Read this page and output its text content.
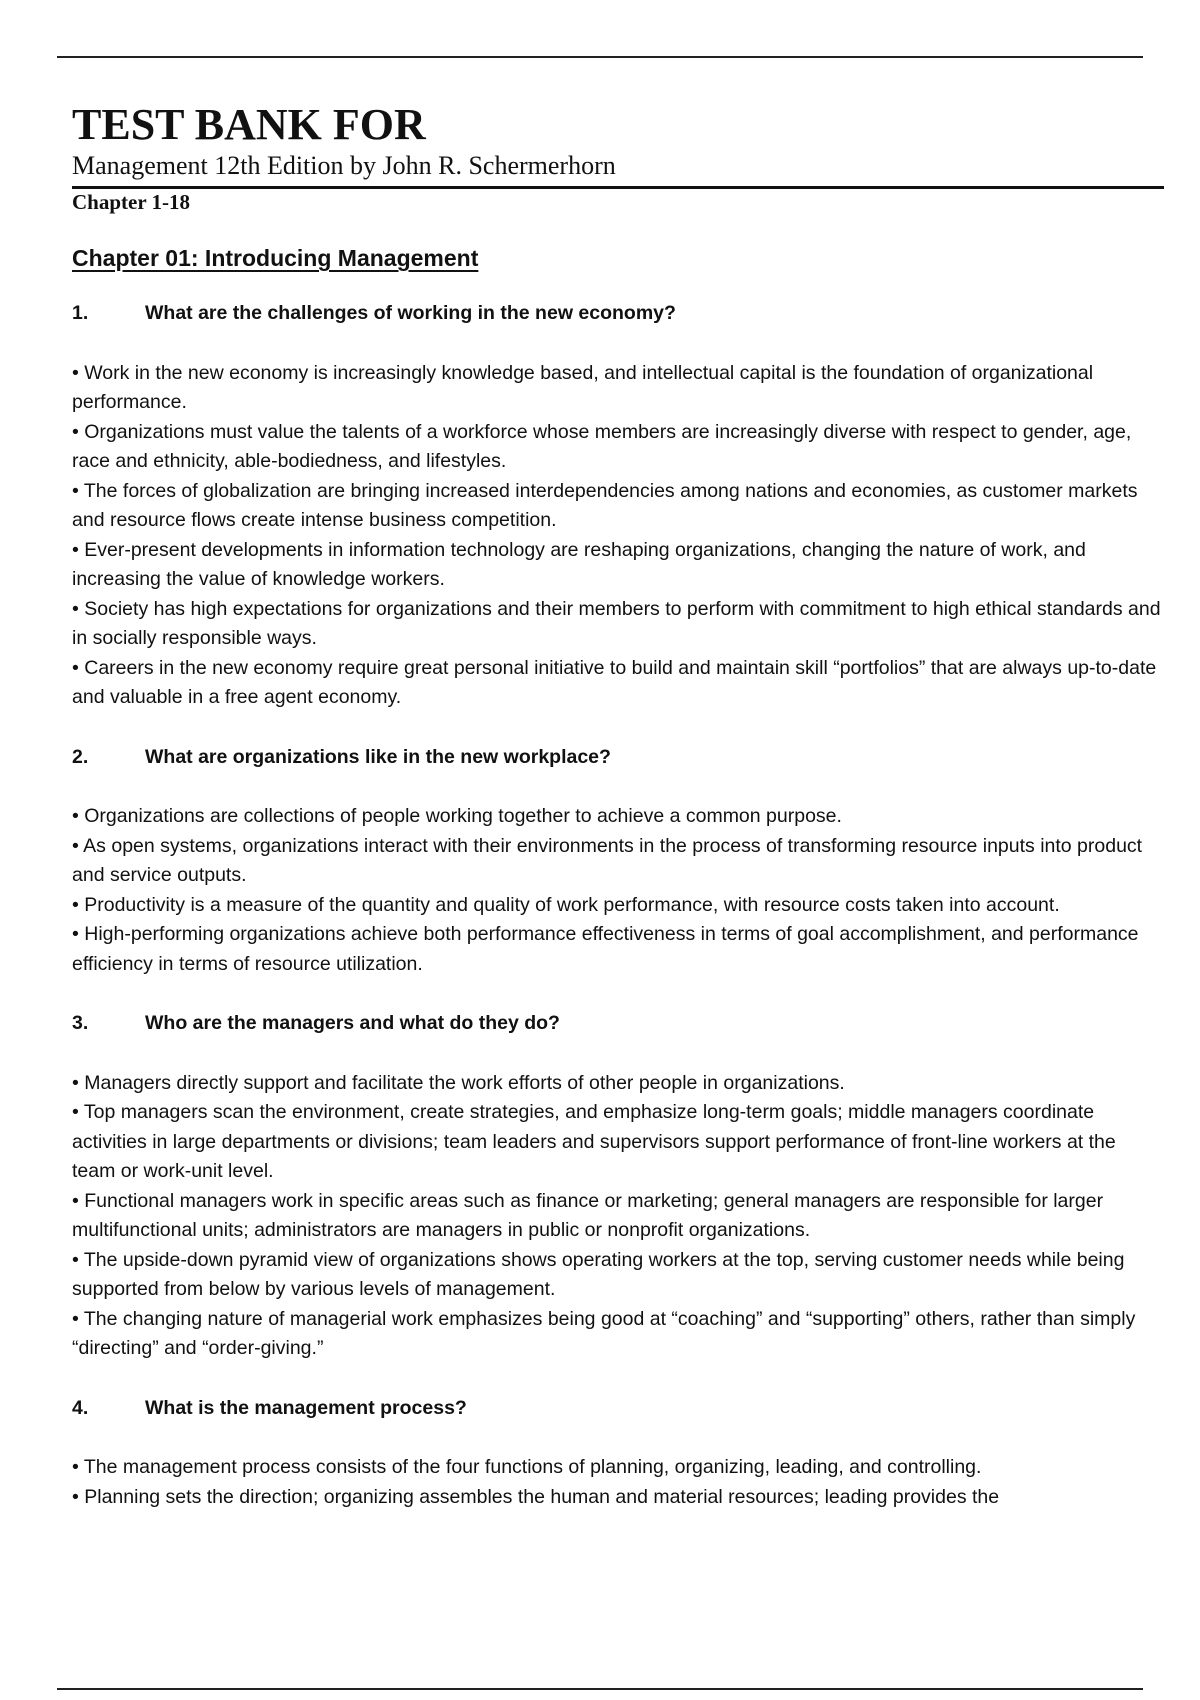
TEST BANK FOR
Management 12th Edition by John R. Schermerhorn
Chapter 1-18
Chapter 01: Introducing Management
1.	What are the challenges of working in the new economy?

• Work in the new economy is increasingly knowledge based, and intellectual capital is the foundation of organizational performance.

• Organizations must value the talents of a workforce whose members are increasingly diverse with respect to gender, age, race and ethnicity, able-bodiedness, and lifestyles.

• The forces of globalization are bringing increased interdependencies among nations and economies, as customer markets and resource flows create intense business competition.

• Ever-present developments in information technology are reshaping organizations, changing the nature of work, and increasing the value of knowledge workers.

• Society has high expectations for organizations and their members to perform with commitment to high ethical standards and in socially responsible ways.

• Careers in the new economy require great personal initiative to build and maintain skill “portfolios” that are always up-to-date and valuable in a free agent economy.

2.	What are organizations like in the new workplace?

• Organizations are collections of people working together to achieve a common purpose.

• As open systems, organizations interact with their environments in the process of transforming resource inputs into product and service outputs.

• Productivity is a measure of the quantity and quality of work performance, with resource costs taken into account.

• High-performing organizations achieve both performance effectiveness in terms of goal accomplishment, and performance efficiency in terms of resource utilization.

3.	Who are the managers and what do they do?

• Managers directly support and facilitate the work efforts of other people in organizations.

• Top managers scan the environment, create strategies, and emphasize long-term goals; middle managers coordinate activities in large departments or divisions; team leaders and supervisors support performance of front-line workers at the team or work-unit level.

• Functional managers work in specific areas such as finance or marketing; general managers are responsible for larger multifunctional units; administrators are managers in public or nonprofit organizations.

• The upside-down pyramid view of organizations shows operating workers at the top, serving customer needs while being supported from below by various levels of management.

• The changing nature of managerial work emphasizes being good at “coaching” and “supporting” others, rather than simply “directing” and “order-giving.”

4.	What is the management process?

• The management process consists of the four functions of planning, organizing, leading, and controlling.

• Planning sets the direction; organizing assembles the human and material resources; leading provides the
